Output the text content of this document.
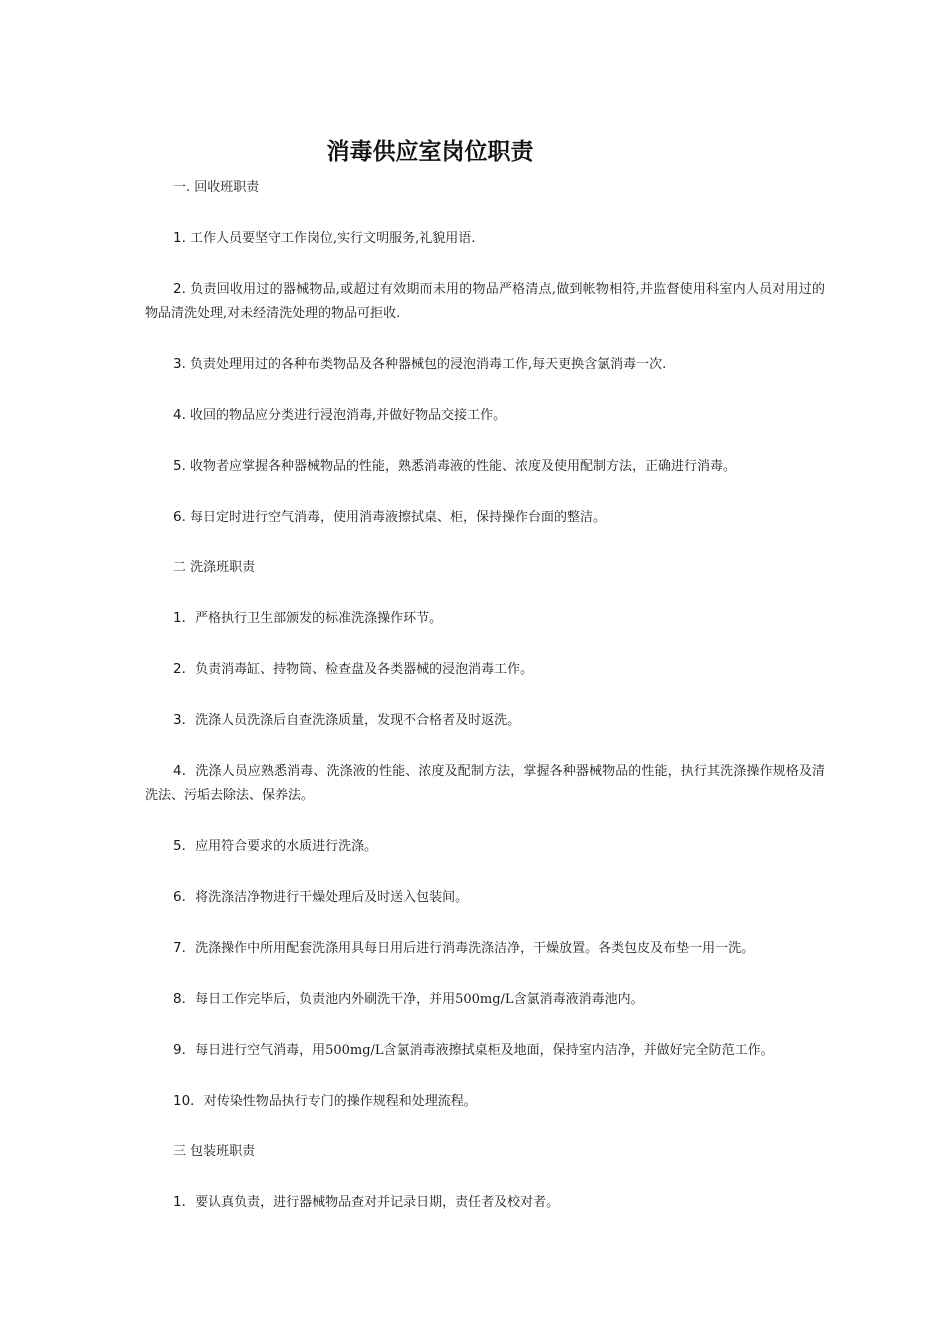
消毒供应室岗位职责

一. 回收班职责

1. 工作人员要坚守工作岗位,实行文明服务,礼貌用语.

2. 负责回收用过的器械物品,或超过有效期而未用的物品严格清点,做到帐物相符,并监督使用科室内人员对用过的物品清洗处理,对未经清洗处理的物品可拒收.

3. 负责处理用过的各种布类物品及各种器械包的浸泡消毒工作,每天更换含氯消毒一次.

4. 收回的物品应分类进行浸泡消毒,并做好物品交接工作。

5. 收物者应掌握各种器械物品的性能，熟悉消毒液的性能、浓度及使用配制方法，正确进行消毒。

6. 每日定时进行空气消毒，使用消毒液擦拭桌、柜，保持操作台面的整洁。

二 洗涤班职责

1．严格执行卫生部颁发的标准洗涤操作环节。

2．负责消毒缸、持物筒、检查盘及各类器械的浸泡消毒工作。

3．洗涤人员洗涤后自查洗涤质量，发现不合格者及时返洗。

4．洗涤人员应熟悉消毒、洗涤液的性能、浓度及配制方法，掌握各种器械物品的性能，执行其洗涤操作规格及清洗法、污垢去除法、保养法。

5．应用符合要求的水质进行洗涤。

6．将洗涤洁净物进行干燥处理后及时送入包装间。

7．洗涤操作中所用配套洗涤用具每日用后进行消毒洗涤洁净，干燥放置。各类包皮及布垫一用一洗。

8．每日工作完毕后，负责池内外刷洗干净，并用500mg/L含氯消毒液消毒池内。

9．每日进行空气消毒，用500mg/L含氯消毒液擦拭桌柜及地面，保持室内洁净，并做好完全防范工作。

10．对传染性物品执行专门的操作规程和处理流程。

三 包装班职责

1．要认真负责，进行器械物品查对并记录日期，责任者及校对者。
